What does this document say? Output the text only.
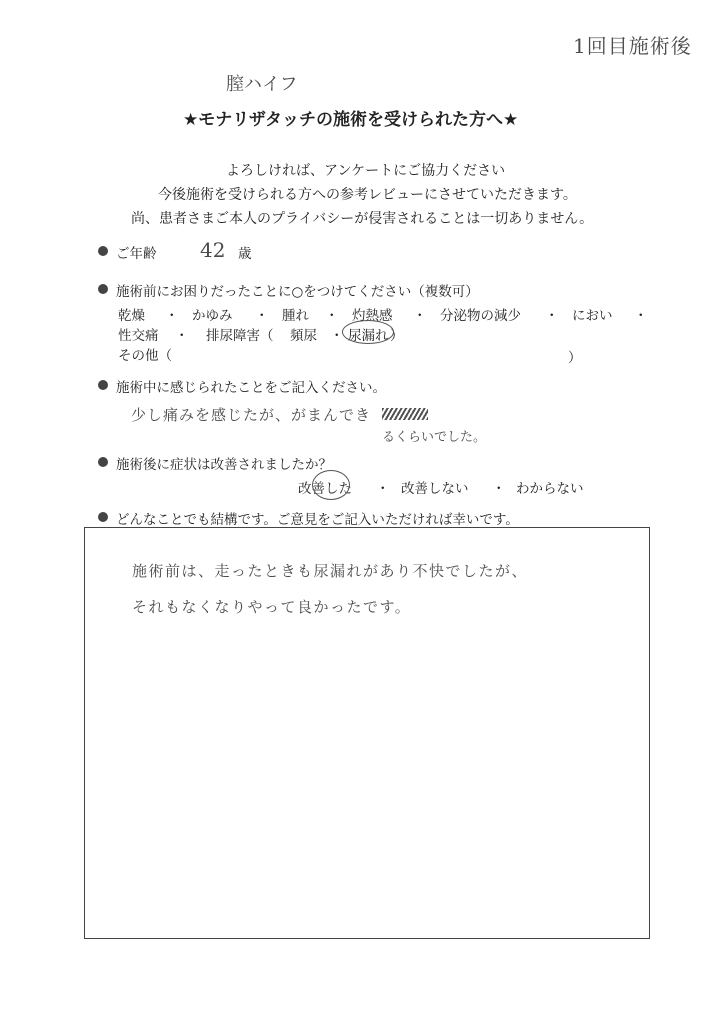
1回目施術後
膣ハイフ
★モナリザタッチの施術を受けられた方へ★
よろしければ、アンケートにご協力ください
今後施術を受けられる方への参考レビューにさせていただきます。
尚、患者さまご本人のプライバシーが侵害されることは一切ありません。
ご年齢 42 歳
施術前にお困りだったことに○をつけてください（複数可）
乾燥 ・ かゆみ ・ 腫れ ・ 灼熱感 ・ 分泌物の減少 ・ におい ・
性交痛 ・ 排尿障害（ 頻尿 ・ 尿漏れ ）
その他（	）
施術中に感じられたことをご記入ください。
少し痛みを感じたが、がまんでき
るくらいでした。
施術後に症状は改善されましたか？
改善した ・ 改善しない ・ わからない
どんなことでも結構です。ご意見をご記入いただければ幸いです。
施術前は、走ったときも尿漏れがあり不快でしたが、
それもなくなりやって良かったです。
